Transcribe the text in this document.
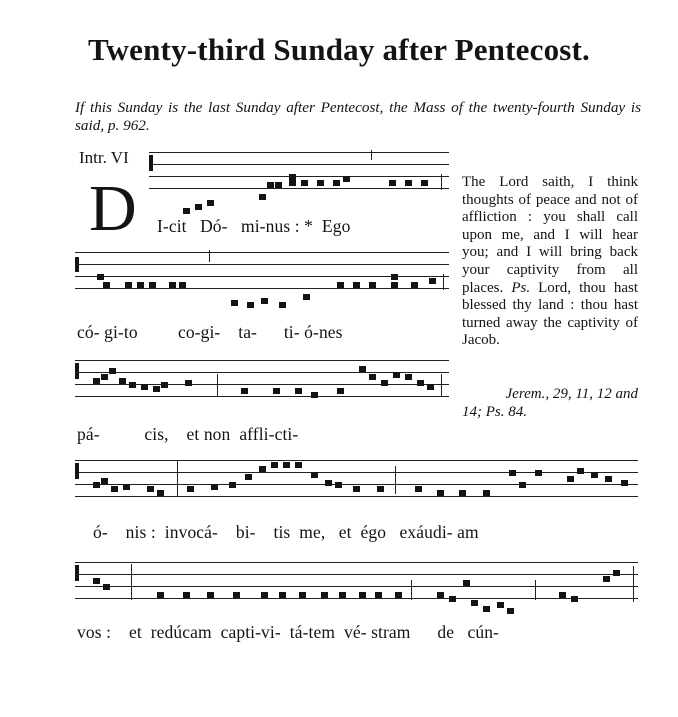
Twenty-third Sunday after Pentecost.
If this Sunday is the last Sunday after Pentecost, the Mass of the twenty-fourth Sunday is said, p. 962.
Intr. VI
D I-cit   Dó-   mi-nus : *  Ego
có- gi-to         co-gi-    ta-      ti- ó-nes
pá-          cis,    et non  affli-cti-
ó-    nis :  invocá-    bi-    tis  me,   et  égo   exáudi- am
vos :    et  redúcam  capti-vi-  tá-tem  vé- stram      de   cún-
The Lord saith, I think thoughts of peace and not of affliction : you shall call upon me, and I will hear you; and I will bring back your captivity from all places. Ps. Lord, thou hast blessed thy land : thou hast turned away the captivity of Jacob.
Jerem., 29, 11, 12 and
14; Ps. 84.
